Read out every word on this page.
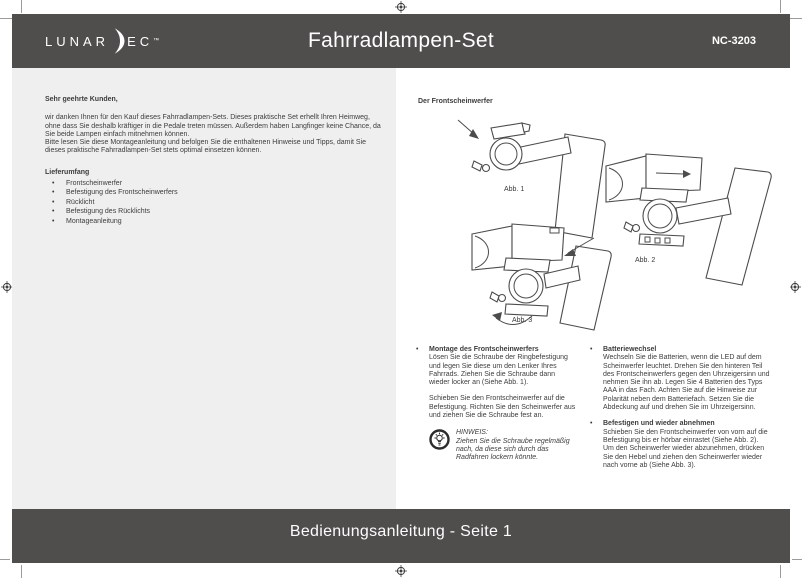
LUNAR EC ™	Fahrradlampen-Set	NC-3203
Sehr geehrte Kunden,
wir danken Ihnen für den Kauf dieses Fahrradlampen-Sets. Dieses praktische Set erhellt Ihren Heimweg, ohne dass Sie deshalb kräftiger in die Pedale treten müssen. Außerdem haben Langfinger keine Chance, da Sie beide Lampen einfach mitnehmen können.
Bitte lesen Sie diese Montageanleitung und befolgen Sie die enthaltenen Hinweise und Tipps, damit Sie dieses praktische Fahrradlampen-Set stets optimal einsetzen können.
Lieferumfang
• Frontscheinwerfer
• Befestigung des Frontscheinwerfers
• Rücklicht
• Befestigung des Rücklichts
• Montageanleitung
Der Frontscheinwerfer
Abb. 1
Abb. 2
Abb. 3
• Montage des Frontscheinwerfers
Lösen Sie die Schraube der Ringbefestigung und legen Sie diese um den Lenker Ihres Fahrrads. Ziehen Sie die Schraube dann wieder locker an (Siehe Abb. 1).
Schieben Sie den Frontscheinwerfer auf die Befestigung. Richten Sie den Scheinwerfer aus und ziehen Sie die Schraube fest an.
HINWEIS:
Ziehen Sie die Schraube regelmäßig nach, da diese sich durch das Radfahren lockern könnte.
• Batteriewechsel
Wechseln Sie die Batterien, wenn die LED auf dem Scheinwerfer leuchtet. Drehen Sie den hinteren Teil des Frontscheinwerfers gegen den Uhrzeigersinn und nehmen Sie ihn ab. Legen Sie 4 Batterien des Typs AAA in das Fach. Achten Sie auf die Hinweise zur Polarität neben dem Batteriefach. Setzen Sie die Abdeckung auf und drehen Sie im Uhrzeigersinn.
• Befestigen und wieder abnehmen
Schieben Sie den Frontscheinwerfer von vorn auf die Befestigung bis er hörbar einrastet (Siehe Abb. 2). Um den Scheinwerfer wieder abzunehmen, drücken Sie den Hebel und ziehen den Scheinwerfer wieder nach vorne ab (Siehe Abb. 3).
Bedienungsanleitung - Seite 1
